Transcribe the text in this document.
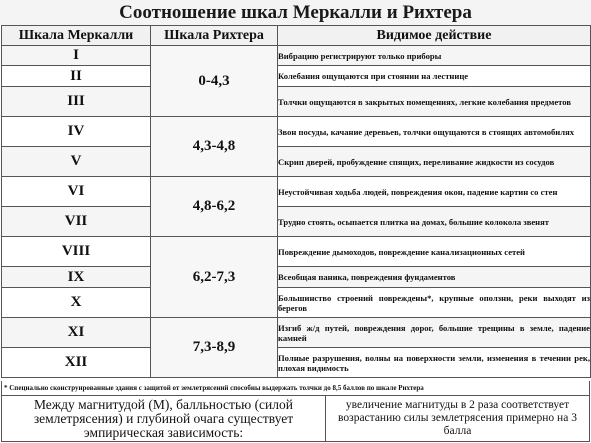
Соотношение шкал Меркалли и Рихтера
Шкала Меркалли	Шкала Рихтера	Видимое действие
I	0-4,3	Вибрацию регистрируют только приборы
II		Колебания ощущаются при стоянии на лестнице
III		Толчки ощущаются в закрытых помещениях, легкие колебания предметов
IV	4,3-4,8	Звон посуды, качание деревьев, толчки ощущаются в стоящих автомобилях
V		Скрип дверей, пробуждение спящих, переливание жидкости из сосудов
VI	4,8-6,2	Неустойчивая ходьба людей, повреждения окон, падение картин со стен
VII		Трудно стоять, осыпается плитка на домах, большие колокола звенят
VIII	6,2-7,3	Повреждение дымоходов, повреждение канализационных сетей
IX		Всеобщая паника, повреждения фундаментов
X		Большинство строений повреждены*, крупные оползни, реки выходят из берегов
XI	7,3-8,9	Изгиб ж/д путей, повреждения дорог, большие трещины в земле, падение камней
XII		Полные разрушения, волны на поверхности земли, изменения в течении рек, плохая видимость
* Специально сконструированные здания с защитой от землетрясений способны выдержать толчки до 8,5 баллов по шкале Рихтера
Между магнитудой (М), балльностью (силой землетрясения) и глубиной очага существует эмпирическая зависимость:
увеличение магнитуды в 2 раза соответствует возрастанию силы землетрясения примерно на 3 балла
